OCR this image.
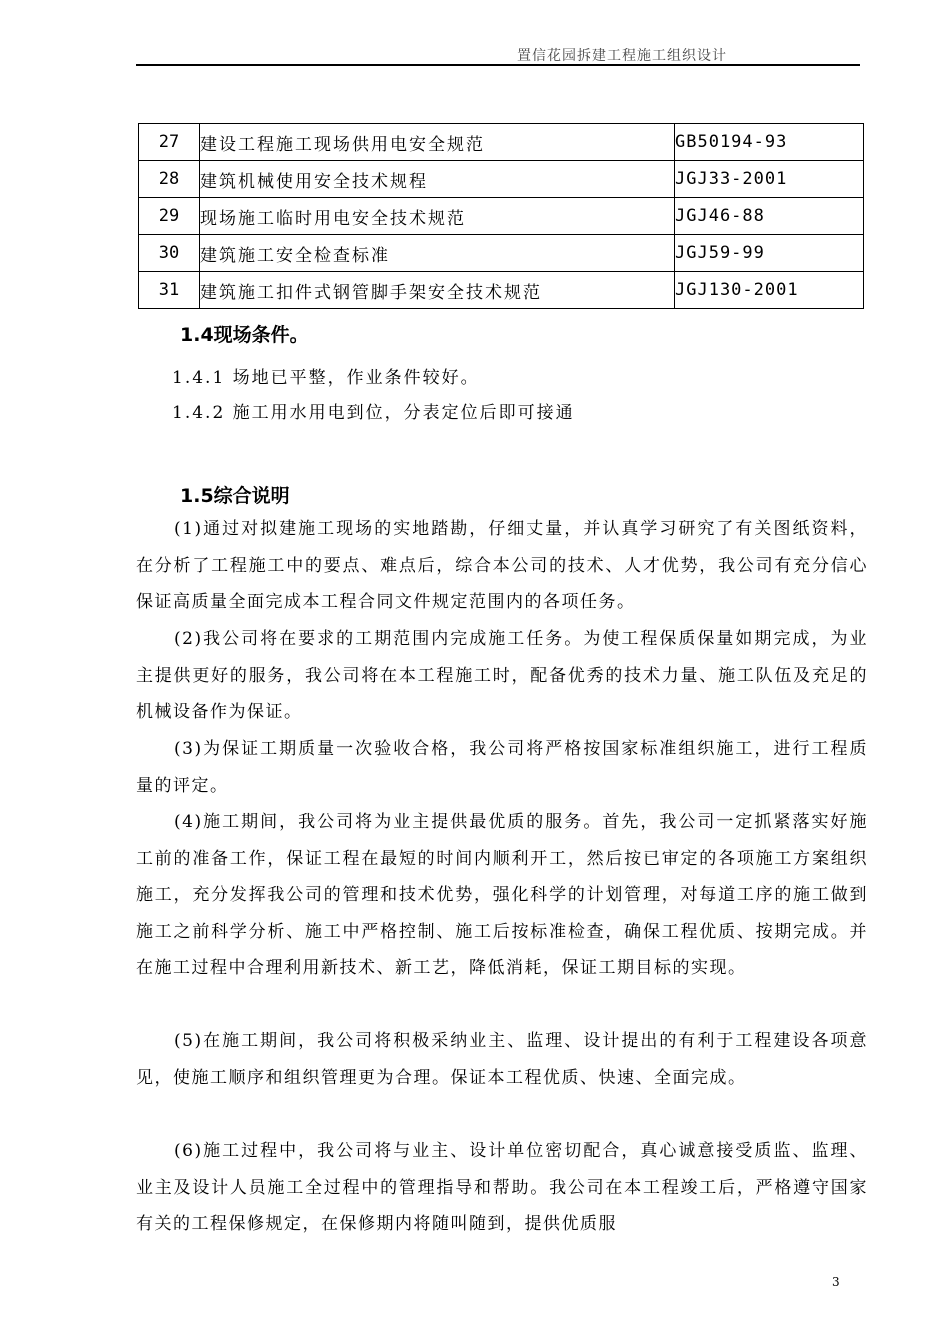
置信花园拆建工程施工组织设计
27	建设工程施工现场供用电安全规范	GB50194-93
28	建筑机械使用安全技术规程	JGJ33-2001
29	现场施工临时用电安全技术规范	JGJ46-88
30	建筑施工安全检查标准	JGJ59-99
31	建筑施工扣件式钢管脚手架安全技术规范	JGJ130-2001
1.4现场条件。
1.4.1 场地已平整，作业条件较好。
1.4.2 施工用水用电到位，分表定位后即可接通
1.5综合说明

(1)通过对拟建施工现场的实地踏勘，仔细丈量，并认真学习研究了有关图纸资料，在分析了工程施工中的要点、难点后，综合本公司的技术、人才优势，我公司有充分信心保证高质量全面完成本工程合同文件规定范围内的各项任务。

(2)我公司将在要求的工期范围内完成施工任务。为使工程保质保量如期完成，为业主提供更好的服务，我公司将在本工程施工时，配备优秀的技术力量、施工队伍及充足的机械设备作为保证。

(3)为保证工期质量一次验收合格，我公司将严格按国家标准组织施工，进行工程质量的评定。

(4)施工期间，我公司将为业主提供最优质的服务。首先，我公司一定抓紧落实好施工前的准备工作，保证工程在最短的时间内顺利开工，然后按已审定的各项施工方案组织施工，充分发挥我公司的管理和技术优势，强化科学的计划管理，对每道工序的施工做到施工之前科学分析、施工中严格控制、施工后按标准检查，确保工程优质、按期完成。并在施工过程中合理利用新技术、新工艺，降低消耗，保证工期目标的实现。

(5)在施工期间，我公司将积极采纳业主、监理、设计提出的有利于工程建设各项意见，使施工顺序和组织管理更为合理。保证本工程优质、快速、全面完成。

(6)施工过程中，我公司将与业主、设计单位密切配合，真心诚意接受质监、监理、业主及设计人员施工全过程中的管理指导和帮助。我公司在本工程竣工后，严格遵守国家有关的工程保修规定，在保修期内将随叫随到，提供优质服

3
